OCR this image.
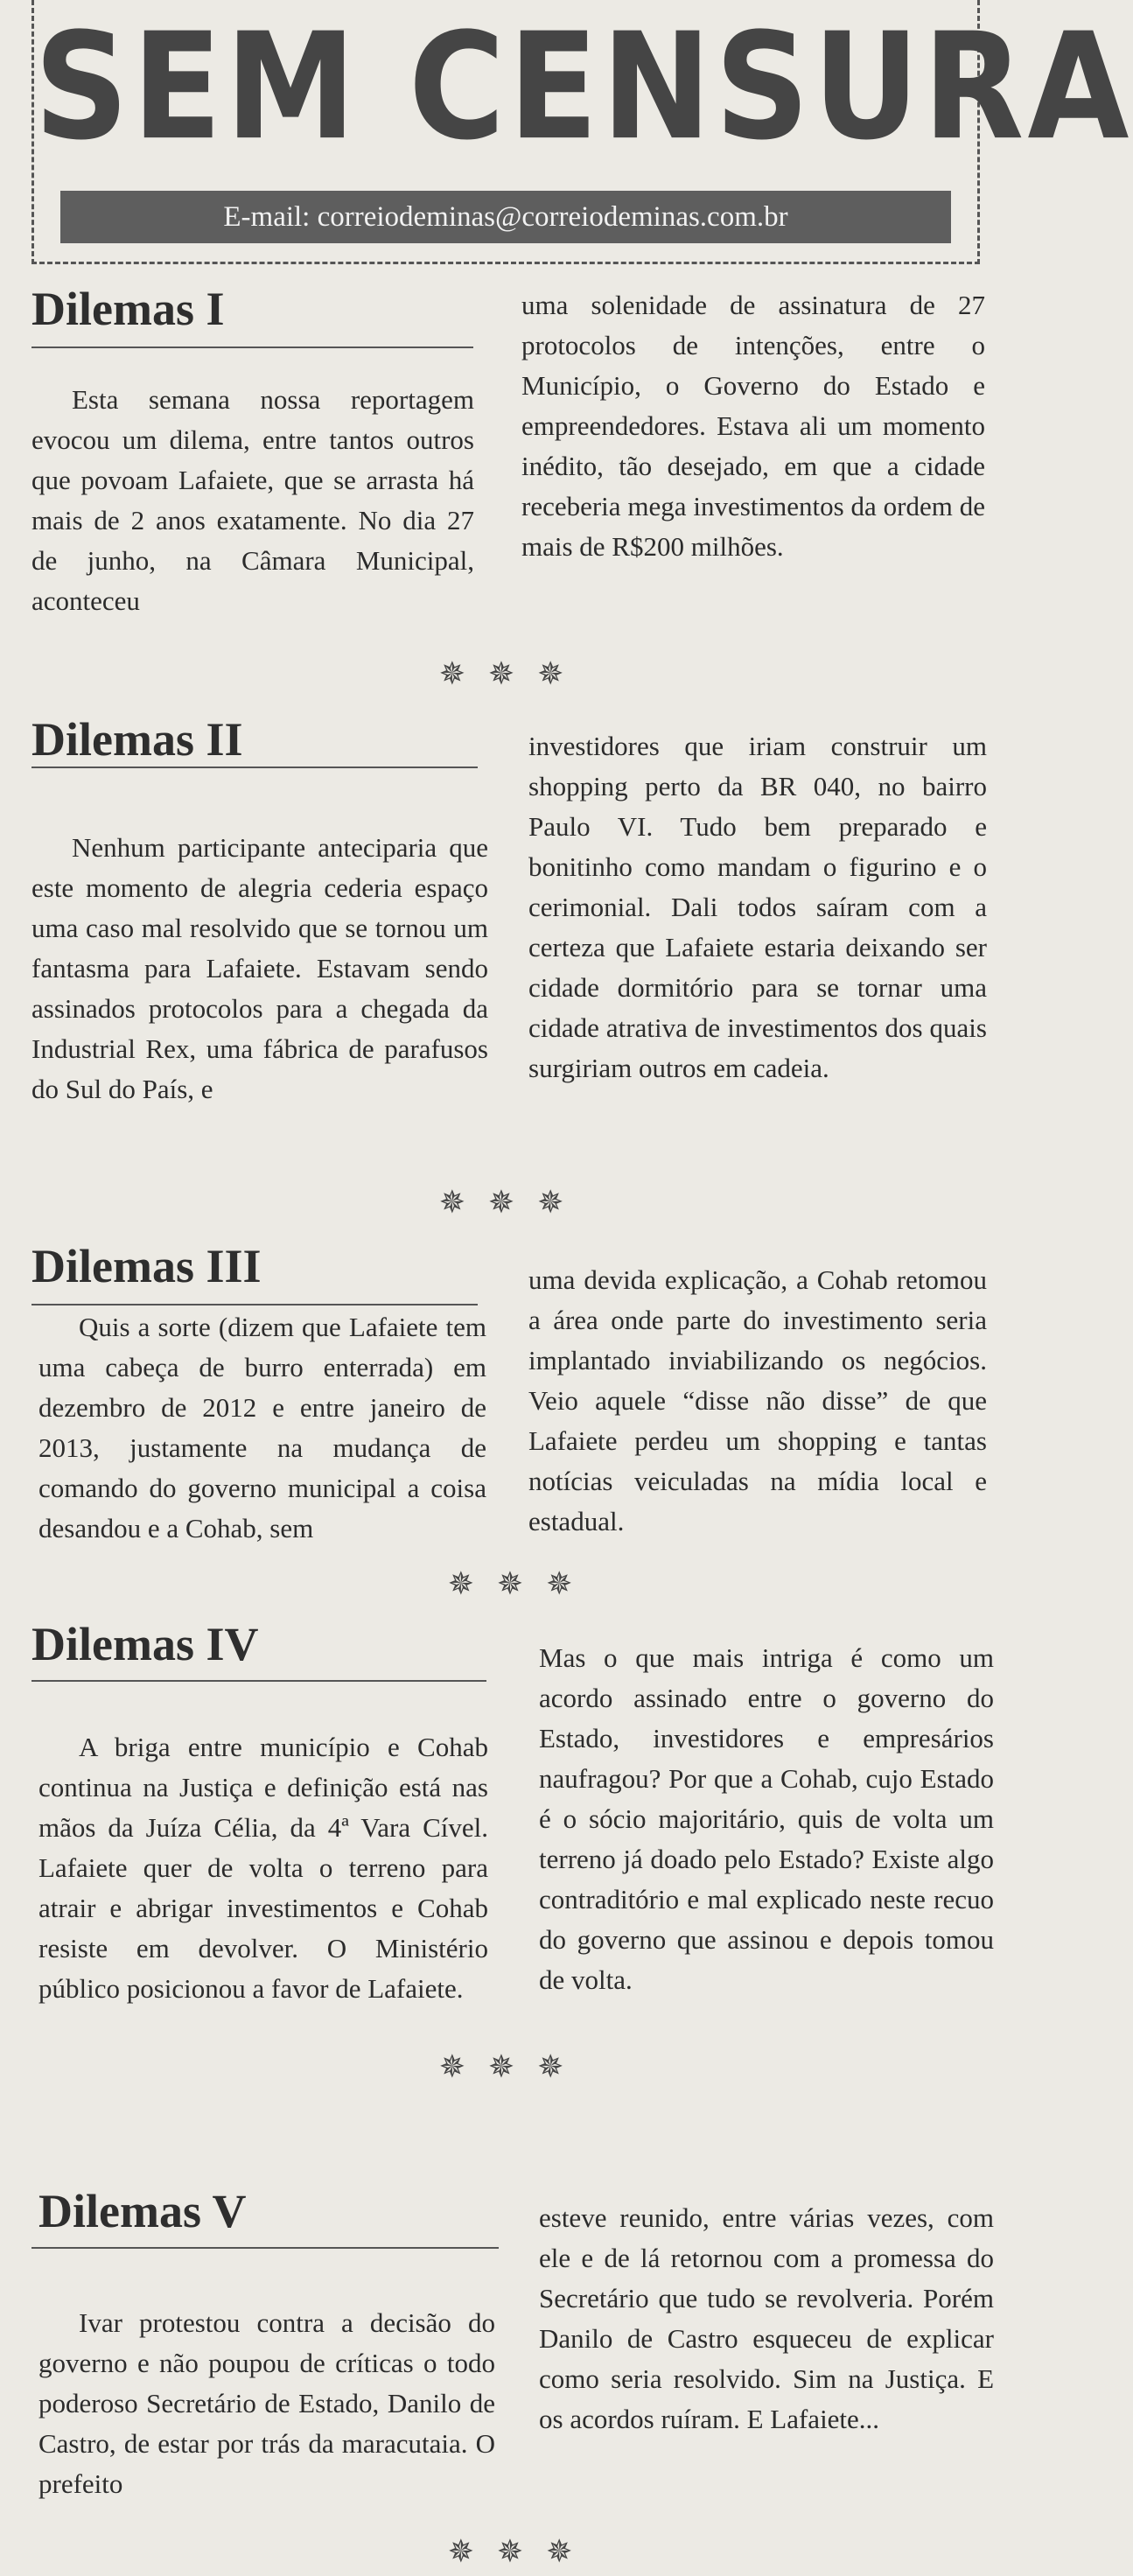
SEM CENSURA
E-mail: correiodeminas@correiodeminas.com.br
Dilemas I

Esta semana nossa reportagem evocou um dilema, entre tantos outros que povoam Lafaiete, que se arrasta há mais de 2 anos exatamente. No dia 27 de junho, na Câmara Municipal, aconteceu

uma solenidade de assinatura de 27 protocolos de intenções, entre o Município, o Governo do Estado e empreendedores. Estava ali um momento inédito, tão desejado, em que a cidade receberia mega investimentos da ordem de mais de R$200 milhões.

✵✵✵
Dilemas II

Nenhum participante anteciparia que este momento de alegria cederia espaço uma caso mal resolvido que se tornou um fantasma para Lafaiete. Estavam sendo assinados protocolos para a chegada da Industrial Rex, uma fábrica de parafusos do Sul do País, e

investidores que iriam construir um shopping perto da BR 040, no bairro Paulo VI. Tudo bem preparado e bonitinho como mandam o figurino e o cerimonial. Dali todos saíram com a certeza que Lafaiete estaria deixando ser cidade dormitório para se tornar uma cidade atrativa de investimentos dos quais surgiriam outros em cadeia.

✵✵✵
Dilemas III

Quis a sorte (dizem que Lafaiete tem uma cabeça de burro enterrada) em dezembro de 2012 e entre janeiro de 2013, justamente na mudança de comando do governo municipal a coisa desandou e a Cohab, sem

uma devida explicação, a Cohab retomou a área onde parte do investimento seria implantado inviabilizando os negócios. Veio aquele “disse não disse” de que Lafaiete perdeu um shopping e tantas notícias veiculadas na mídia local e estadual.

✵✵✵
Dilemas IV

A briga entre município e Cohab continua na Justiça e definição está nas mãos da Juíza Célia, da 4ª Vara Cível. Lafaiete quer de volta o terreno para atrair e abrigar investimentos e Cohab resiste em devolver. O Ministério público posicionou a favor de Lafaiete.

Mas o que mais intriga é como um acordo assinado entre o governo do Estado, investidores e empresários naufragou? Por que a Cohab, cujo Estado é o sócio majoritário, quis de volta um terreno já doado pelo Estado? Existe algo contraditório e mal explicado neste recuo do governo que assinou e depois tomou de volta.

✵✵✵
Dilemas V

Ivar protestou contra a decisão do governo e não poupou de críticas o todo poderoso Secretário de Estado, Danilo de Castro, de estar por trás da maracutaia. O prefeito

esteve reunido, entre várias vezes, com ele e de lá retornou com a promessa do Secretário que tudo se revolveria. Porém Danilo de Castro esqueceu de explicar como seria resolvido. Sim na Justiça. E os acordos ruíram. E Lafaiete...

✵✵✵
